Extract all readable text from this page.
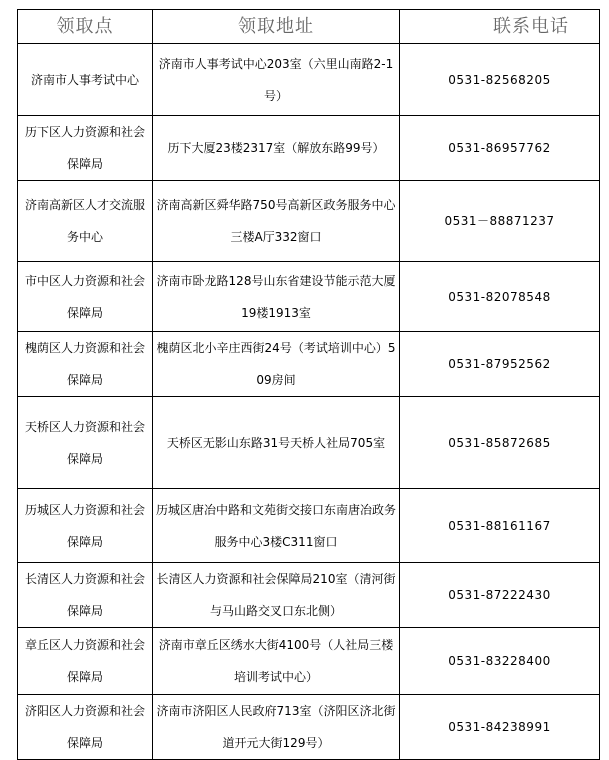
领取点	领取地址	联系电话
济南市人事考试中心	济南市人事考试中心203室（六里山南路2-1号）	0531-82568205
历下区人力资源和社会保障局	历下大厦23楼2317室（解放东路99号）	0531-86957762
济南高新区人才交流服务中心	济南高新区舜华路750号高新区政务服务中心三楼A厅332窗口	0531－88871237
市中区人力资源和社会保障局	济南市卧龙路128号山东省建设节能示范大厦19楼1913室	0531-82078548
槐荫区人力资源和社会保障局	槐荫区北小辛庄西街24号（考试培训中心）509房间	0531-87952562
天桥区人力资源和社会保障局	天桥区无影山东路31号天桥人社局705室	0531-85872685
历城区人力资源和社会保障局	历城区唐冶中路和文苑街交接口东南唐冶政务服务中心3楼C311窗口	0531-88161167
长清区人力资源和社会保障局	长清区人力资源和社会保障局210室（清河街与马山路交叉口东北侧）	0531-87222430
章丘区人力资源和社会保障局	济南市章丘区绣水大街4100号（人社局三楼培训考试中心）	0531-83228400
济阳区人力资源和社会保障局	济南市济阳区人民政府713室（济阳区济北街道开元大街129号）	0531-84238991
